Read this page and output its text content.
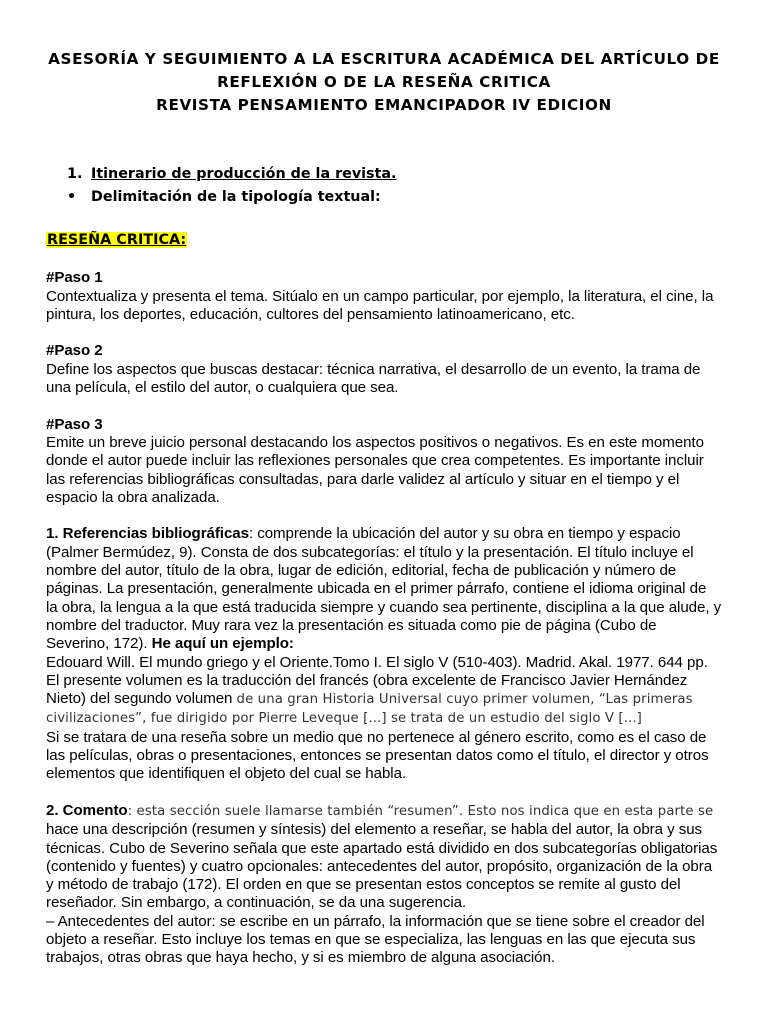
ASESORÍA Y SEGUIMIENTO A LA ESCRITURA ACADÉMICA DEL ARTÍCULO DE

REFLEXIÓN O DE LA RESEÑA CRITICA

REVISTA PENSAMIENTO EMANCIPADOR IV EDICION

1. Itinerario de producción de la revista.
•	Delimitación de la tipología textual:
RESEÑA CRITICA:

#Paso 1

Contextualiza y presenta el tema. Sitúalo en un campo particular, por ejemplo, la literatura, el cine, la pintura, los deportes, educación, cultores del pensamiento latinoamericano, etc.

#Paso 2

Define los aspectos que buscas destacar: técnica narrativa, el desarrollo de un evento, la trama de una película, el estilo del autor, o cualquiera que sea.

#Paso 3

Emite un breve juicio personal destacando los aspectos positivos o negativos. Es en este momento donde el autor puede incluir las reflexiones personales que crea competentes. Es importante incluir las referencias bibliográficas consultadas, para darle validez al artículo y situar en el tiempo y el espacio la obra analizada.

1. Referencias bibliográficas: comprende la ubicación del autor y su obra en tiempo y espacio (Palmer Bermúdez, 9). Consta de dos subcategorías: el título y la presentación. El título incluye el nombre del autor, título de la obra, lugar de edición, editorial, fecha de publicación y número de páginas. La presentación, generalmente ubicada en el primer párrafo, contiene el idioma original de la obra, la lengua a la que está traducida siempre y cuando sea pertinente, disciplina a la que alude, y nombre del traductor. Muy rara vez la presentación es situada como pie de página (Cubo de Severino, 172). He aquí un ejemplo:

Edouard Will. El mundo griego y el Oriente.Tomo I. El siglo V (510-403). Madrid. Akal. 1977. 644 pp.

El presente volumen es la traducción del francés (obra excelente de Francisco Javier Hernández Nieto) del segundo volumen de una gran Historia Universal cuyo primer volumen, “Las primeras civilizaciones”, fue dirigido por Pierre Leveque [...] se trata de un estudio del siglo V [...]

Si se tratara de una reseña sobre un medio que no pertenece al género escrito, como es el caso de las películas, obras o presentaciones, entonces se presentan datos como el título, el director y otros elementos que identifiquen el objeto del cual se habla.

2. Comento: esta sección suele llamarse también “resumen”. Esto nos indica que en esta parte se hace una descripción (resumen y síntesis) del elemento a reseñar, se habla del autor, la obra y sus técnicas. Cubo de Severino señala que este apartado está dividido en dos subcategorías obligatorias (contenido y fuentes) y cuatro opcionales: antecedentes del autor, propósito, organización de la obra y método de trabajo (172). El orden en que se presentan estos conceptos se remite al gusto del reseñador. Sin embargo, a continuación, se da una sugerencia.

– Antecedentes del autor: se escribe en un párrafo, la información que se tiene sobre el creador del objeto a reseñar. Esto incluye los temas en que se especializa, las lenguas en las que ejecuta sus trabajos, otras obras que haya hecho, y si es miembro de alguna asociación.
